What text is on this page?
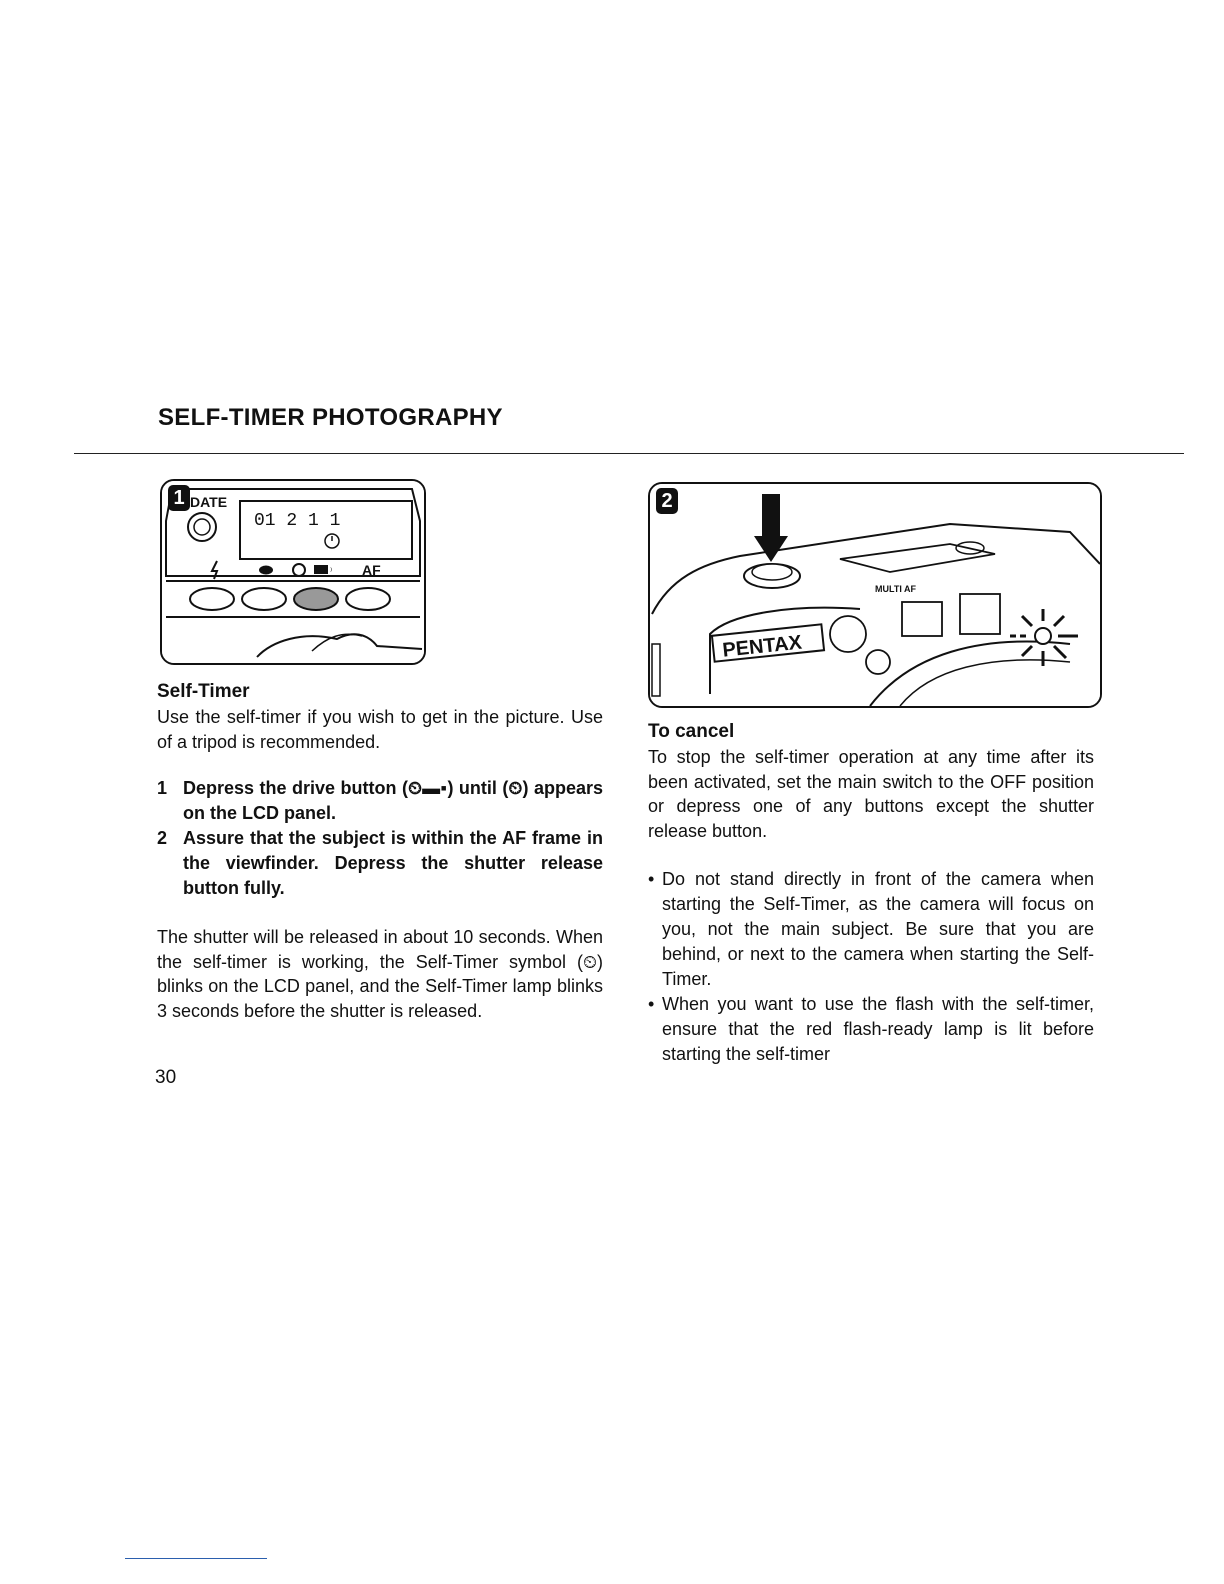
SELF-TIMER PHOTOGRAPHY
01 2 1 1
DATE
⁾ AF
1
PENTAX
MULTI AF
2

Self-Timer

Use the self-timer if you wish to get in the picture. Use of a tripod is recommended.

1 Depress the drive button (⏲▬▪) until (⏲) appears on the LCD panel.
2 Assure that the subject is within the AF frame in the viewfinder. Depress the shutter release button fully.

The shutter will be released in about 10 seconds. When the self-timer is working, the Self-Timer symbol (⏲) blinks on the LCD panel, and the Self-Timer lamp blinks 3 seconds before the shutter is released.

To cancel

To stop the self-timer operation at any time after its been activated, set the main switch to the OFF position or depress one of any buttons except the shutter release button.

• Do not stand directly in front of the camera when starting the Self-Timer, as the camera will focus on you, not the main subject. Be sure that you are behind, or next to the camera when starting the Self-Timer.
• When you want to use the flash with the self-timer, ensure that the red flash-ready lamp is lit before starting the self-timer
30
